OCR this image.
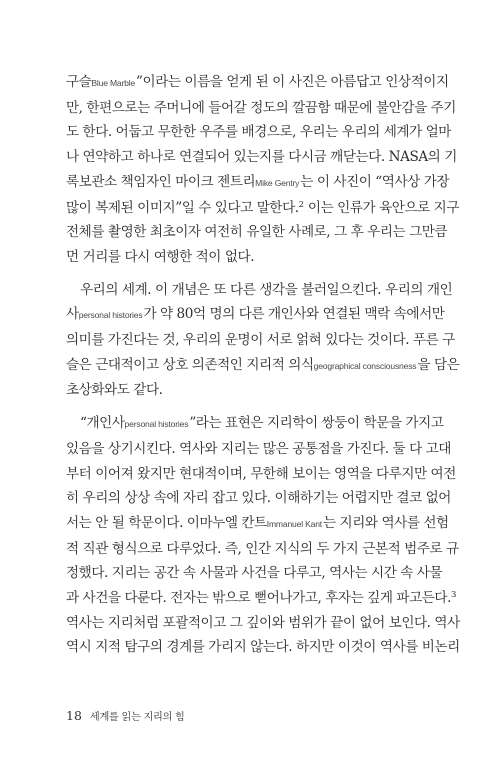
구슬Blue Marble”이라는 이름을 얻게 된 이 사진은 아름답고 인상적이지
만, 한편으로는 주머니에 들어갈 정도의 깔끔함 때문에 불안감을 주기
도 한다. 어둡고 무한한 우주를 배경으로, 우리는 우리의 세계가 얼마
나 연약하고 하나로 연결되어 있는지를 다시금 깨닫는다. NASA의 기
록보관소 책임자인 마이크 젠트리Mike Gentry는 이 사진이 “역사상 가장
많이 복제된 이미지”일 수 있다고 말한다.$^2$ 이는 인류가 육안으로 지구
전체를 촬영한 최초이자 여전히 유일한 사례로, 그 후 우리는 그만큼
먼 거리를 다시 여행한 적이 없다.

우리의 세계. 이 개념은 또 다른 생각을 불러일으킨다. 우리의 개인
사personal histories가 약 80억 명의 다른 개인사와 연결된 맥락 속에서만
의미를 가진다는 것, 우리의 운명이 서로 얽혀 있다는 것이다. 푸른 구
슬은 근대적이고 상호 의존적인 지리적 의식geographical consciousness을 담은
초상화와도 같다.

“개인사personal histories”라는 표현은 지리학이 쌍둥이 학문을 가지고
있음을 상기시킨다. 역사와 지리는 많은 공통점을 가진다. 둘 다 고대
부터 이어져 왔지만 현대적이며, 무한해 보이는 영역을 다루지만 여전
히 우리의 상상 속에 자리 잡고 있다. 이해하기는 어렵지만 결코 없어
서는 안 될 학문이다. 이마누엘 칸트Immanuel Kant는 지리와 역사를 선험
적 직관 형식으로 다루었다. 즉, 인간 지식의 두 가지 근본적 범주로 규
정했다. 지리는 공간 속 사물과 사건을 다루고, 역사는 시간 속 사물
과 사건을 다룬다. 전자는 밖으로 뻗어나가고, 후자는 깊게 파고든다.$^3$
역사는 지리처럼 포괄적이고 그 깊이와 범위가 끝이 없어 보인다. 역사
역시 지적 탐구의 경계를 가리지 않는다. 하지만 이것이 역사를 비논리

18 세계를 읽는 지리의 힘
